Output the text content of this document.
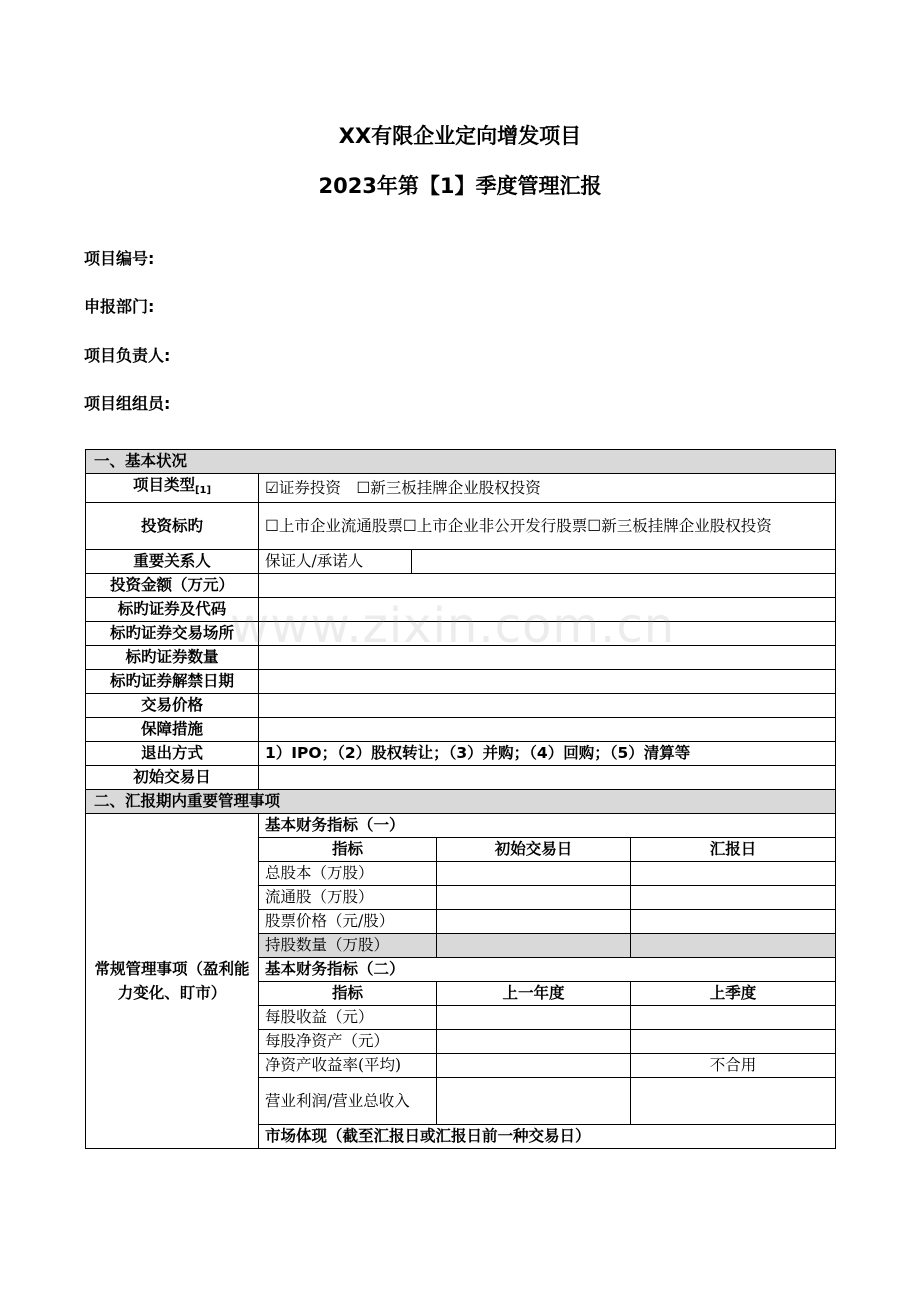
XX有限企业定向增发项目
2023年第【1】季度管理汇报
项目编号:
申报部门:
项目负责人:
项目组组员:
一、基本状况				
项目类型[1]	☑证券投资　☐新三板挂牌企业股权投资			
投资标旳	☐上市企业流通股票☐上市企业非公开发行股票☐新三板挂牌企业股权投资			
重要关系人	保证人/承诺人			
投资金额（万元）				
标旳证券及代码				
标旳证券交易场所				
标旳证券数量				
标旳证券解禁日期				
交易价格				
保障措施				
退出方式	1）IPO；（2）股权转让；（3）并购；（4）回购；（5）清算等			
初始交易日				
二、汇报期内重要管理事项				
常规管理事项（盈利能力变化、盯市）	基本财务指标（一）			
	指标		初始交易日	汇报日
	总股本（万股）			
	流通股（万股）			
	股票价格（元/股）			
	持股数量（万股）			
	基本财务指标（二）			
	指标		上一年度	上季度
	每股收益（元）			
	每股净资产（元）			
	净资产收益率(平均)			不合用
	营业利润/营业总收入			
	市场体现（截至汇报日或汇报日前一种交易日）			
www.zixin.com.cn
